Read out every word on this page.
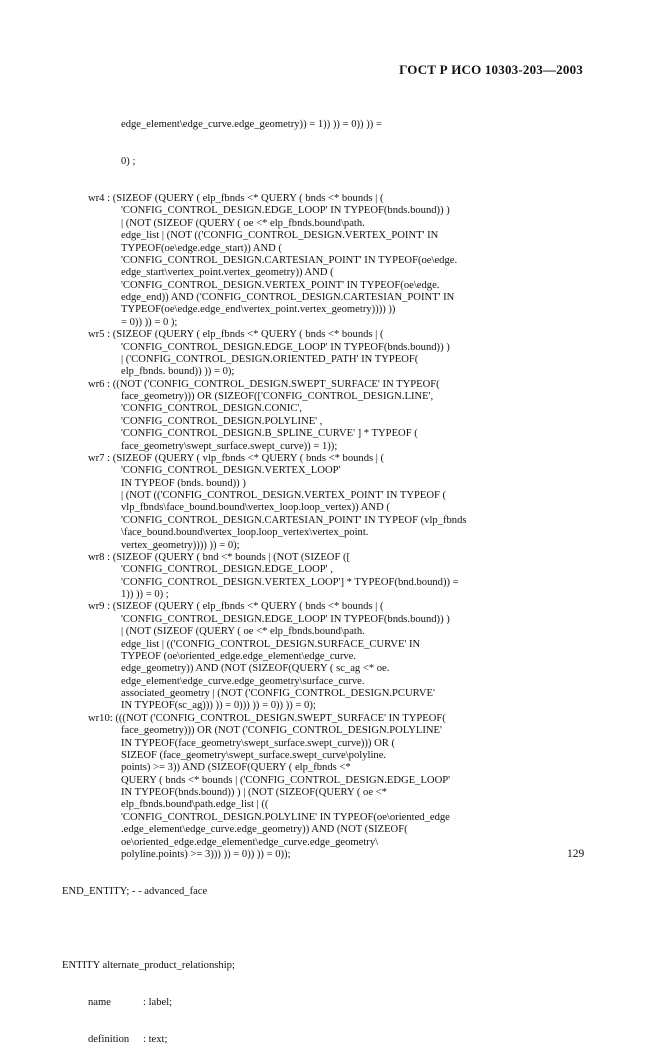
ГОСТ Р ИСО 10303-203—2003

edge_element\edge_curve.edge_geometry)) = 1)) )) = 0)) )) =

0) ;

wr4 : (SIZEOF (QUERY ( elp_fbnds <* QUERY ( bnds <* bounds | (
'CONFIG_CONTROL_DESIGN.EDGE_LOOP' IN TYPEOF(bnds.bound)) )
| (NOT (SIZEOF (QUERY ( oe <* elp_fbnds.bound\path.
edge_list | (NOT (('CONFIG_CONTROL_DESIGN.VERTEX_POINT' IN
TYPEOF(oe\edge.edge_start)) AND (
'CONFIG_CONTROL_DESIGN.CARTESIAN_POINT' IN TYPEOF(oe\edge.
edge_start\vertex_point.vertex_geometry)) AND (
'CONFIG_CONTROL_DESIGN.VERTEX_POINT' IN TYPEOF(oe\edge.
edge_end)) AND ('CONFIG_CONTROL_DESIGN.CARTESIAN_POINT' IN
TYPEOF(oe\edge.edge_end\vertex_point.vertex_geometry)))) ))
= 0)) )) = 0 );
wr5 : (SIZEOF (QUERY ( elp_fbnds <* QUERY ( bnds <* bounds | (
'CONFIG_CONTROL_DESIGN.EDGE_LOOP' IN TYPEOF(bnds.bound)) )
| ('CONFIG_CONTROL_DESIGN.ORIENTED_PATH' IN TYPEOF(
elp_fbnds. bound)) )) = 0);
wr6 : ((NOT ('CONFIG_CONTROL_DESIGN.SWEPT_SURFACE' IN TYPEOF(
face_geometry))) OR (SIZEOF(['CONFIG_CONTROL_DESIGN.LINE',
'CONFIG_CONTROL_DESIGN.CONIC',
'CONFIG_CONTROL_DESIGN.POLYLINE' ,
'CONFIG_CONTROL_DESIGN.B_SPLINE_CURVE' ] * TYPEOF (
face_geometry\swept_surface.swept_curve)) = 1));
wr7 : (SIZEOF (QUERY ( vlp_fbnds <* QUERY ( bnds <* bounds | (
'CONFIG_CONTROL_DESIGN.VERTEX_LOOP'
IN TYPEOF (bnds. bound)) )
| (NOT (('CONFIG_CONTROL_DESIGN.VERTEX_POINT' IN TYPEOF (
vlp_fbnds\face_bound.bound\vertex_loop.loop_vertex)) AND (
'CONFIG_CONTROL_DESIGN.CARTESIAN_POINT' IN TYPEOF (vlp_fbnds
\face_bound.bound\vertex_loop.loop_vertex\vertex_point.
vertex_geometry)))) )) = 0);
wr8 : (SIZEOF (QUERY ( bnd <* bounds | (NOT (SIZEOF ([
'CONFIG_CONTROL_DESIGN.EDGE_LOOP' ,
'CONFIG_CONTROL_DESIGN.VERTEX_LOOP'] * TYPEOF(bnd.bound)) =
1)) )) = 0) ;
wr9 : (SIZEOF (QUERY ( elp_fbnds <* QUERY ( bnds <* bounds | (
'CONFIG_CONTROL_DESIGN.EDGE_LOOP' IN TYPEOF(bnds.bound)) )
| (NOT (SIZEOF (QUERY ( oe <* elp_fbnds.bound\path.
edge_list | (('CONFIG_CONTROL_DESIGN.SURFACE_CURVE' IN
TYPEOF (oe\oriented_edge.edge_element\edge_curve.
edge_geometry)) AND (NOT (SIZEOF(QUERY ( sc_ag <* oe.
edge_element\edge_curve.edge_geometry\surface_curve.
associated_geometry | (NOT ('CONFIG_CONTROL_DESIGN.PCURVE'
IN TYPEOF(sc_ag))) )) = 0))) )) = 0)) )) = 0);
wr10: (((NOT ('CONFIG_CONTROL_DESIGN.SWEPT_SURFACE' IN TYPEOF(
face_geometry))) OR (NOT ('CONFIG_CONTROL_DESIGN.POLYLINE'
IN TYPEOF(face_geometry\swept_surface.swept_curve))) OR (
SIZEOF (face_geometry\swept_surface.swept_curve\polyline.
points) >= 3)) AND (SIZEOF(QUERY ( elp_fbnds <*
QUERY ( bnds <* bounds | ('CONFIG_CONTROL_DESIGN.EDGE_LOOP'
IN TYPEOF(bnds.bound)) ) | (NOT (SIZEOF(QUERY ( oe <*
elp_fbnds.bound\path.edge_list | ((
'CONFIG_CONTROL_DESIGN.POLYLINE' IN TYPEOF(oe\oriented_edge
.edge_element\edge_curve.edge_geometry)) AND (NOT (SIZEOF(
oe\oriented_edge.edge_element\edge_curve.edge_geometry\
polyline.points) >= 3))) )) = 0)) )) = 0));

END_ENTITY; - - advanced_face

ENTITY alternate_product_relationship;

name	: label;

definition	: text;

129
